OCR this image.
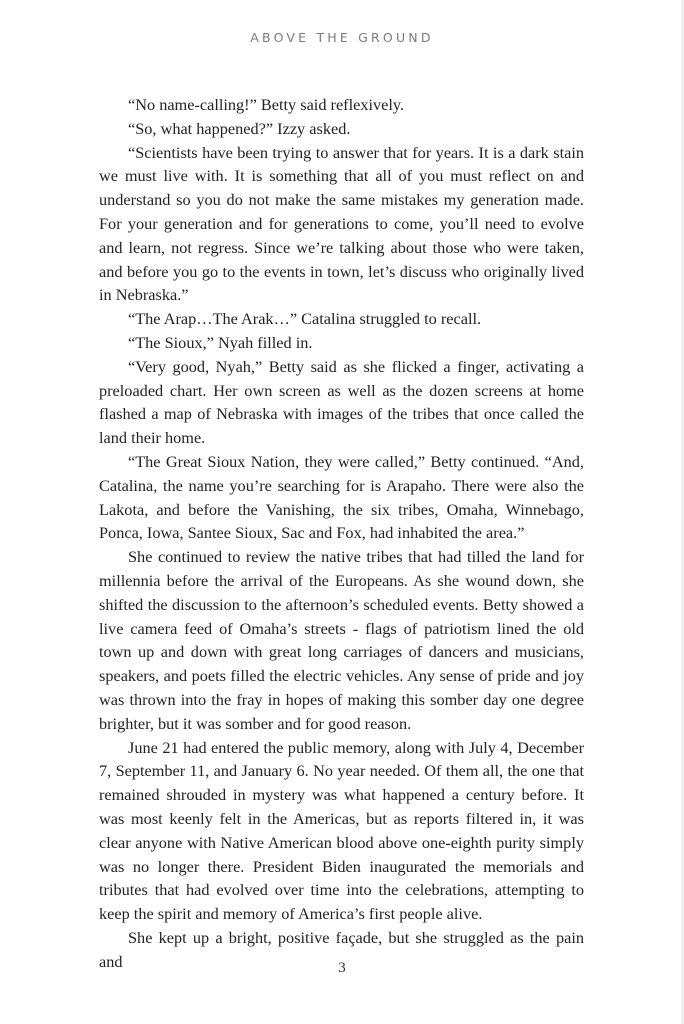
ABOVE THE GROUND

“No name-calling!” Betty said reflexively.

“So, what happened?” Izzy asked.

“Scientists have been trying to answer that for years. It is a dark stain we must live with. It is something that all of you must reflect on and understand so you do not make the same mistakes my generation made. For your generation and for generations to come, you’ll need to evolve and learn, not regress. Since we’re talking about those who were taken, and before you go to the events in town, let’s discuss who originally lived in Nebraska.”

“The Arap…The Arak…” Catalina struggled to recall.

“The Sioux,” Nyah filled in.

“Very good, Nyah,” Betty said as she flicked a finger, activating a preloaded chart. Her own screen as well as the dozen screens at home flashed a map of Nebraska with images of the tribes that once called the land their home.

“The Great Sioux Nation, they were called,” Betty continued. “And, Catalina, the name you’re searching for is Arapaho. There were also the Lakota, and before the Vanishing, the six tribes, Omaha, Winnebago, Ponca, Iowa, Santee Sioux, Sac and Fox, had inhabited the area.”

She continued to review the native tribes that had tilled the land for millennia before the arrival of the Europeans. As she wound down, she shifted the discussion to the afternoon’s scheduled events. Betty showed a live camera feed of Omaha’s streets - flags of patriotism lined the old town up and down with great long carriages of dancers and musicians, speakers, and poets filled the electric vehicles. Any sense of pride and joy was thrown into the fray in hopes of making this somber day one degree brighter, but it was somber and for good reason.

June 21 had entered the public memory, along with July 4, December 7, September 11, and January 6. No year needed. Of them all, the one that remained shrouded in mystery was what happened a century before. It was most keenly felt in the Americas, but as reports filtered in, it was clear anyone with Native American blood above one-eighth purity simply was no longer there. President Biden inaugurated the memorials and tributes that had evolved over time into the celebrations, attempting to keep the spirit and memory of America’s first people alive.

She kept up a bright, positive façade, but she struggled as the pain and	3
